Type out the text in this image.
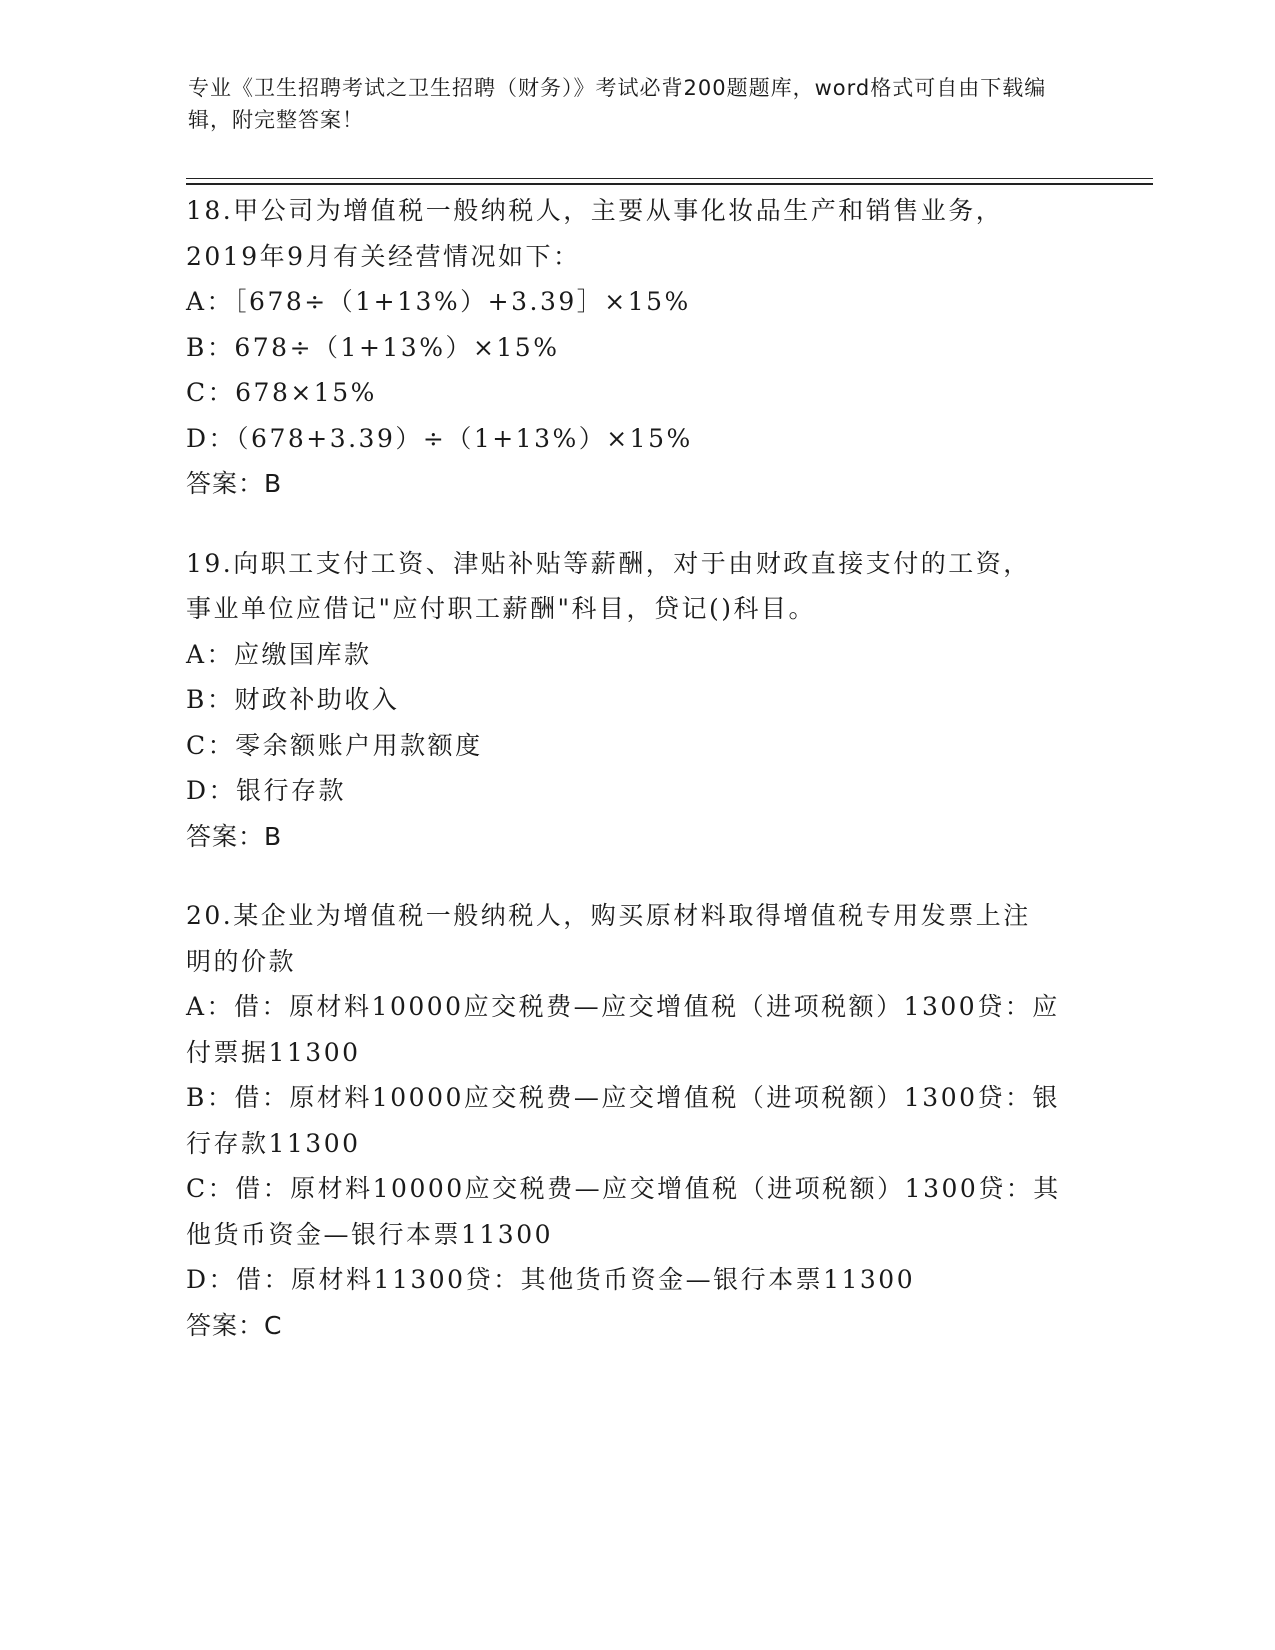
专业《卫生招聘考试之卫生招聘（财务）》考试必背200题题库，word格式可自由下载编辑，附完整答案！
18.甲公司为增值税一般纳税人，主要从事化妆品生产和销售业务，
2019年9月有关经营情况如下：
A：［678÷（1+13%）+3.39］×15%
B：678÷（1+13%）×15%
C：678×15%
D：（678+3.39）÷（1+13%）×15%
答案：B
19.向职工支付工资、津贴补贴等薪酬，对于由财政直接支付的工资，
事业单位应借记"应付职工薪酬"科目，贷记()科目。
A：应缴国库款
B：财政补助收入
C：零余额账户用款额度
D：银行存款
答案：B
20.某企业为增值税一般纳税人，购买原材料取得增值税专用发票上注
明的价款
A：借：原材料10000应交税费—应交增值税（进项税额）1300贷：应
付票据11300
B：借：原材料10000应交税费—应交增值税（进项税额）1300贷：银
行存款11300
C：借：原材料10000应交税费—应交增值税（进项税额）1300贷：其
他货币资金—银行本票11300
D：借：原材料11300贷：其他货币资金—银行本票11300
答案：C
